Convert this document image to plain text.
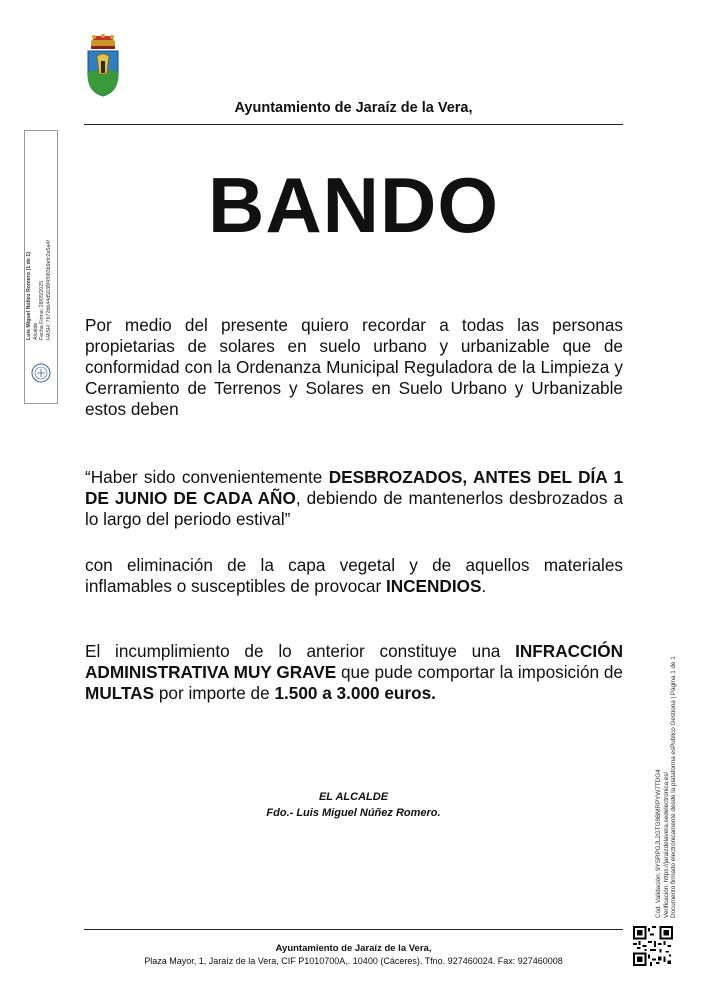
Ayuntamiento de Jaraíz de la Vera,
BANDO
Por medio del presente quiero recordar a todas las personas propietarias de solares en suelo urbano y urbanizable que de conformidad con la Ordenanza Municipal Reguladora de la Limpieza y Cerramiento de Terrenos y Solares en Suelo Urbano y Urbanizable estos deben
“Haber sido convenientemente DESBROZADOS, ANTES DEL DÍA 1 DE JUNIO DE CADA AÑO, debiendo de mantenerlos desbrozados a lo largo del periodo estival”
con eliminación de la capa vegetal y de aquellos materiales inflamables o susceptibles de provocar INCENDIOS.
El incumplimiento de lo anterior constituye una INFRACCIÓN ADMINISTRATIVA MUY GRAVE que pude comportar la imposición de MULTAS por importe de 1.500 a 3.000 euros.
EL ALCALDE
Fdo.- Luis Miguel Núñez Romero.
Luis Miguel Núñez Romero (1 de 1) Alcalde Fecha Firma: 28/05/2025 HASH: 7b72bb44d5038f4f083b9efc2e5a4f
Cód. Validación: 9YSRPGJL2GTG9BMRPYW7TDG4 Verificación: https://jaraizdelavera.sedelectronica.es/ Documento firmado electrónicamente desde la plataforma esPublico Gestiona | Página 1 de 1
Ayuntamiento de Jaraíz de la Vera,
Plaza Mayor, 1, Jaraíz de la Vera, CIF P1010700A,. 10400 (Cáceres). Tfno. 927460024. Fax: 927460008
